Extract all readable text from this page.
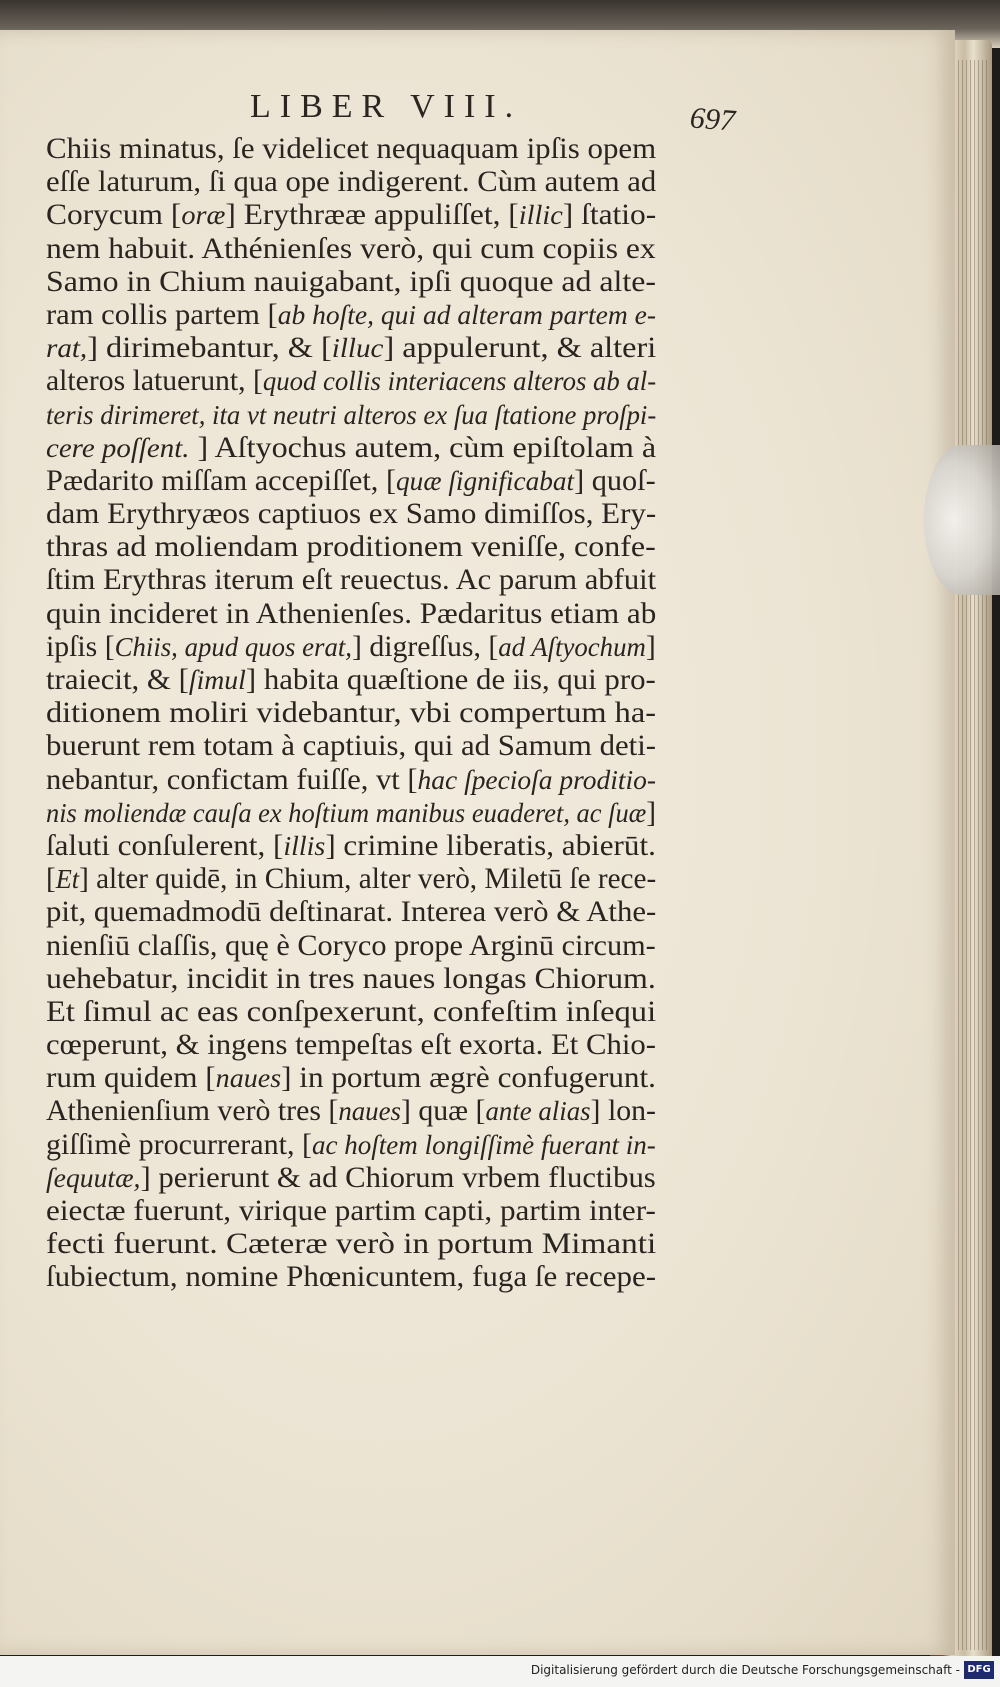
LIBER VIII.	697
Chiis minatus, ſe videlicet nequaquam ipſis opem
eſſe laturum, ſi qua ope indigerent. Cùm autem ad
Corycum [oræ] Erythrææ appuliſſet, [illic] ſtatio-
nem habuit. Athénienſes verò, qui cum copiis ex
Samo in Chium nauigabant, ipſi quoque ad alte-
ram collis partem [ab hoſte, qui ad alteram partem e-
rat,] dirimebantur, & [illuc] appulerunt, & alteri
alteros latuerunt, [quod collis interiacens alteros ab al-
teris dirimeret, ita vt neutri alteros ex ſua ſtatione proſpi-
cere poſſent. ] Aſtyochus autem, cùm epiſtolam à
Pædarito miſſam accepiſſet, [quæ ſignificabat] quoſ-
dam Erythryæos captiuos ex Samo dimiſſos, Ery-
thras ad moliendam proditionem veniſſe, confe-
ſtim Erythras iterum eſt reuectus. Ac parum abfuit
quin incideret in Athenienſes. Pædaritus etiam ab
ipſis [Chiis, apud quos erat,] digreſſus, [ad Aſtyochum]
traiecit, & [ſimul] habita quæſtione de iis, qui pro-
ditionem moliri videbantur, vbi compertum ha-
buerunt rem totam à captiuis, qui ad Samum deti-
nebantur, confictam fuiſſe, vt [hac ſpecioſa proditio-
nis moliendæ cauſa ex hoſtium manibus euaderet, ac ſuæ]
ſaluti conſulerent, [illis] crimine liberatis, abierūt.
[Et] alter quidē, in Chium, alter verò, Miletū ſe rece-
pit, quemadmodū deſtinarat. Interea verò & Athe-
nienſiū claſſis, quę è Coryco prope Arginū circum-
uehebatur, incidit in tres naues longas Chiorum.
Et ſimul ac eas conſpexerunt, confeſtim inſequi
cœperunt, & ingens tempeſtas eſt exorta. Et Chio-
rum quidem [naues] in portum ægrè confugerunt.
Athenienſium verò tres [naues] quæ [ante alias] lon-
giſſimè procurrerant, [ac hoſtem longiſſimè fuerant in-
ſequutæ,] perierunt & ad Chiorum vrbem fluctibus
eiectæ fuerunt, virique partim capti, partim inter-
fecti fuerunt. Cæteræ verò in portum Mimanti
ſubiectum, nomine Phœnicuntem, fuga ſe recepe-
Digitalisierung gefördert durch die Deutsche Forschungsgemeinschaft - DFG
